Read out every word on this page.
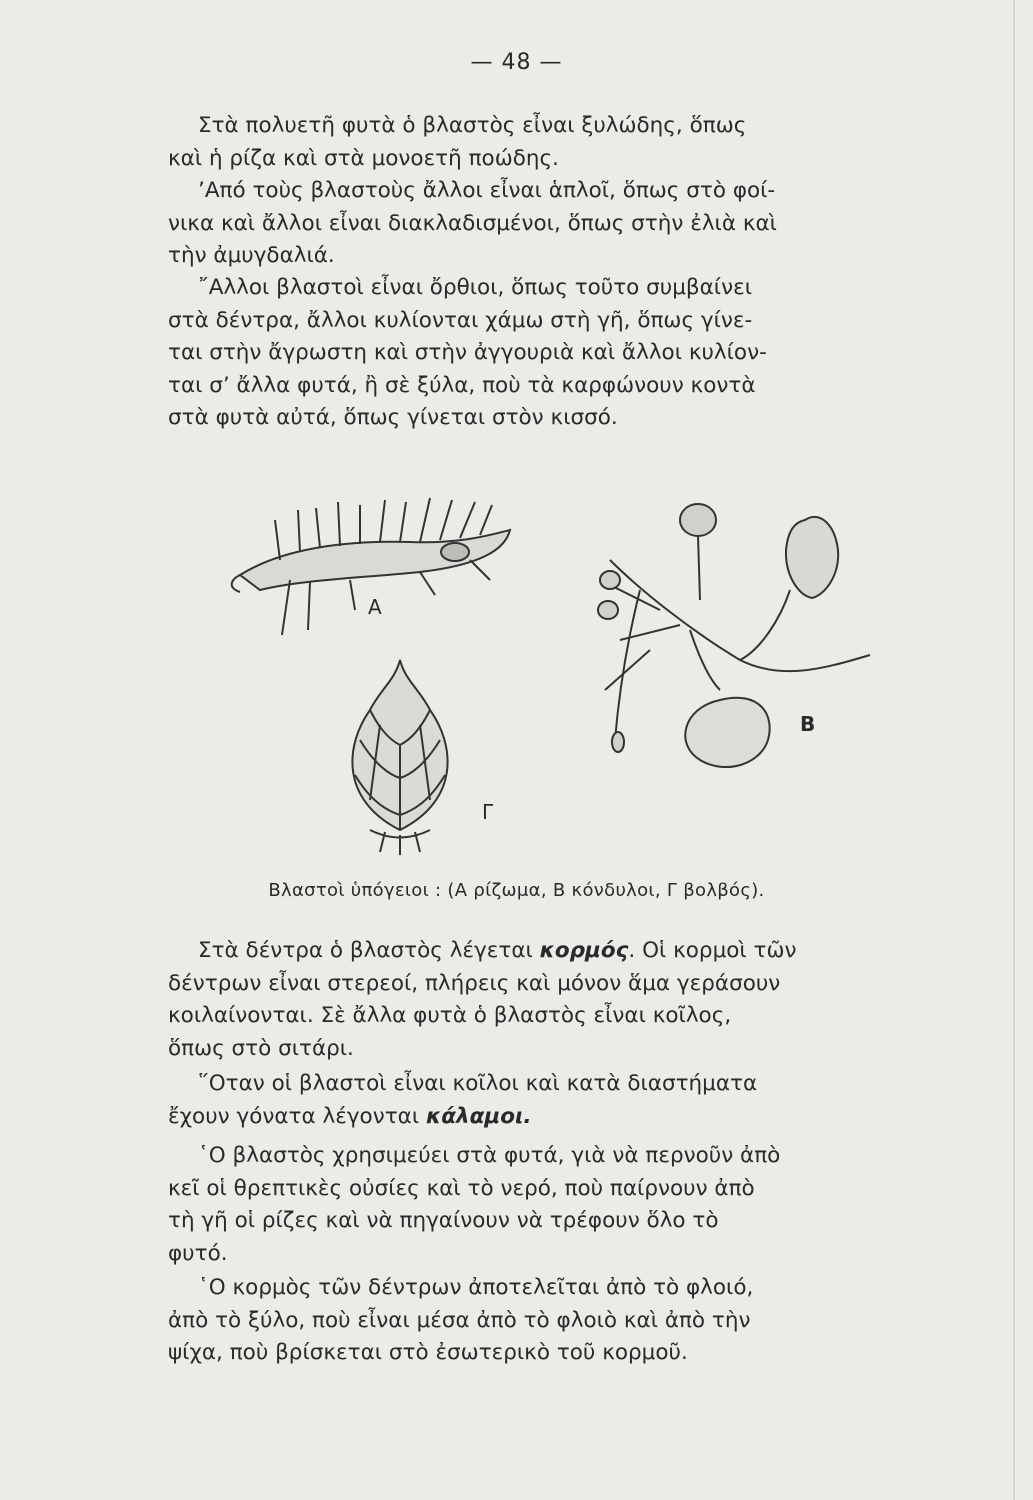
— 48 —

Στὰ πολυετῆ φυτὰ ὁ βλαστὸς εἶναι ξυλώδης, ὅπως
καὶ ἡ ρίζα καὶ στὰ μονοετῆ ποώδης.

’Από τοὺς βλαστοὺς ἄλλοι εἶναι ἁπλοῖ, ὅπως στὸ φοί-
νικα καὶ ἄλλοι εἶναι διακλαδισμένοι, ὅπως στὴν ἐλιὰ καὶ
τὴν ἀμυγδαλιά.

῎Αλλοι βλαστοὶ εἶναι ὄρθιοι, ὅπως τοῦτο συμβαίνει
στὰ δέντρα, ἄλλοι κυλίονται χάμω στὴ γῆ, ὅπως γίνε-
ται στὴν ἄγρωστη καὶ στὴν ἀγγουριὰ καὶ ἄλλοι κυλίον-
ται σ’ ἄλλα φυτά, ἢ σὲ ξύλα, ποὺ τὰ καρφώνουν κοντὰ
στὰ φυτὰ αὐτά, ὅπως γίνεται στὸν κισσό.

Α
Β
Γ
Βλαστοὶ ὑπόγειοι : (Α ρίζωμα, Β κόνδυλοι, Γ βολβός).

Στὰ δέντρα ὁ βλαστὸς λέγεται κορμός. Οἱ κορμοὶ τῶν
δέντρων εἶναι στερεοί, πλήρεις καὶ μόνον ἅμα γεράσουν
κοιλαίνονται. Σὲ ἄλλα φυτὰ ὁ βλαστὸς εἶναι κοῖλος,
ὅπως στὸ σιτάρι.

῞Οταν οἱ βλαστοὶ εἶναι κοῖλοι καὶ κατὰ διαστήματα
ἔχουν γόνατα λέγονται κάλαμοι.

῾Ο βλαστὸς χρησιμεύει στὰ φυτά, γιὰ νὰ περνοῦν ἀπὸ
κεῖ οἱ θρεπτικὲς οὐσίες καὶ τὸ νερό, ποὺ παίρνουν ἀπὸ
τὴ γῆ οἱ ρίζες καὶ νὰ πηγαίνουν νὰ τρέφουν ὅλο τὸ
φυτό.

῾Ο κορμὸς τῶν δέντρων ἀποτελεῖται ἀπὸ τὸ φλοιό,
ἀπὸ τὸ ξύλο, ποὺ εἶναι μέσα ἀπὸ τὸ φλοιὸ καὶ ἀπὸ τὴν
ψίχα, ποὺ βρίσκεται στὸ ἐσωτερικὸ τοῦ κορμοῦ.
